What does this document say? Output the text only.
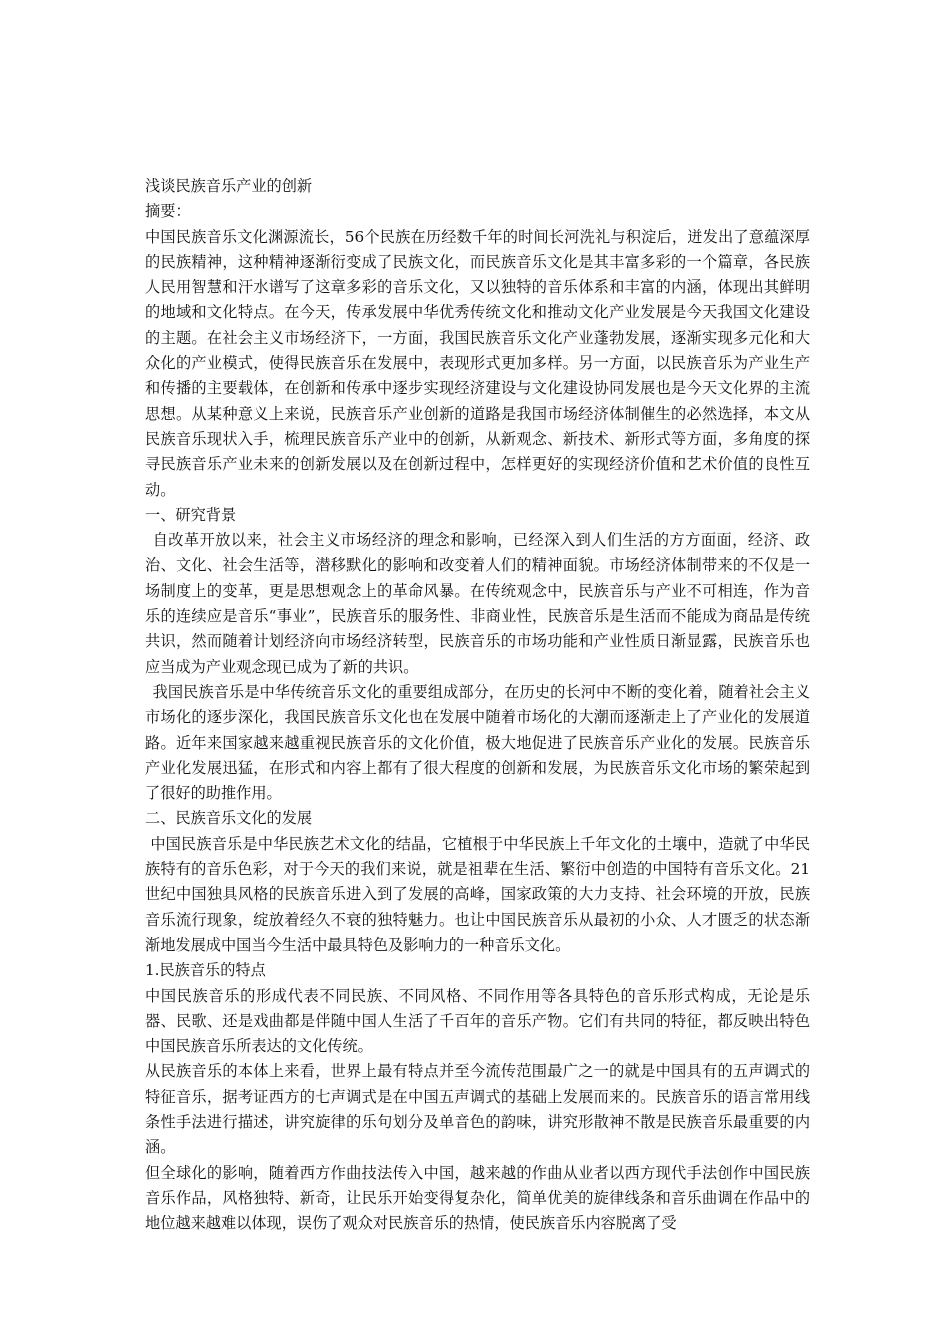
浅谈民族音乐产业的创新

摘要：

中国民族音乐文化渊源流长，56个民族在历经数千年的时间长河洗礼与积淀后，迸发出了意蕴深厚的民族精神，这种精神逐渐衍变成了民族文化，而民族音乐文化是其丰富多彩的一个篇章，各民族人民用智慧和汗水谱写了这章多彩的音乐文化，又以独特的音乐体系和丰富的内涵，体现出其鲜明的地域和文化特点。在今天，传承发展中华优秀传统文化和推动文化产业发展是今天我国文化建设的主题。在社会主义市场经济下，一方面，我国民族音乐文化产业蓬勃发展，逐渐实现多元化和大众化的产业模式，使得民族音乐在发展中，表现形式更加多样。另一方面，以民族音乐为产业生产和传播的主要载体，在创新和传承中逐步实现经济建设与文化建设协同发展也是今天文化界的主流思想。从某种意义上来说，民族音乐产业创新的道路是我国市场经济体制催生的必然选择，本文从民族音乐现状入手，梳理民族音乐产业中的创新，从新观念、新技术、新形式等方面，多角度的探寻民族音乐产业未来的创新发展以及在创新过程中，怎样更好的实现经济价值和艺术价值的良性互动。

一、研究背景

自改革开放以来，社会主义市场经济的理念和影响，已经深入到人们生活的方方面面，经济、政治、文化、社会生活等，潜移默化的影响和改变着人们的精神面貌。市场经济体制带来的不仅是一场制度上的变革，更是思想观念上的革命风暴。在传统观念中，民族音乐与产业不可相连，作为音乐的连续应是音乐“事业”，民族音乐的服务性、非商业性，民族音乐是生活而不能成为商品是传统共识，然而随着计划经济向市场经济转型，民族音乐的市场功能和产业性质日渐显露，民族音乐也应当成为产业观念现已成为了新的共识。

我国民族音乐是中华传统音乐文化的重要组成部分，在历史的长河中不断的变化着，随着社会主义市场化的逐步深化，我国民族音乐文化也在发展中随着市场化的大潮而逐渐走上了产业化的发展道路。近年来国家越来越重视民族音乐的文化价值，极大地促进了民族音乐产业化的发展。民族音乐产业化发展迅猛，在形式和内容上都有了很大程度的创新和发展，为民族音乐文化市场的繁荣起到了很好的助推作用。

二、民族音乐文化的发展

中国民族音乐是中华民族艺术文化的结晶，它植根于中华民族上千年文化的土壤中，造就了中华民族特有的音乐色彩，对于今天的我们来说，就是祖辈在生活、繁衍中创造的中国特有音乐文化。21世纪中国独具风格的民族音乐进入到了发展的高峰，国家政策的大力支持、社会环境的开放，民族音乐流行现象，绽放着经久不衰的独特魅力。也让中国民族音乐从最初的小众、人才匮乏的状态渐渐地发展成中国当今生活中最具特色及影响力的一种音乐文化。

1.民族音乐的特点

中国民族音乐的形成代表不同民族、不同风格、不同作用等各具特色的音乐形式构成，无论是乐器、民歌、还是戏曲都是伴随中国人生活了千百年的音乐产物。它们有共同的特征，都反映出特色中国民族音乐所表达的文化传统。

从民族音乐的本体上来看，世界上最有特点并至今流传范围最广之一的就是中国具有的五声调式的特征音乐，据考证西方的七声调式是在中国五声调式的基础上发展而来的。民族音乐的语言常用线条性手法进行描述，讲究旋律的乐句划分及单音色的韵味，讲究形散神不散是民族音乐最重要的内涵。

但全球化的影响，随着西方作曲技法传入中国，越来越的作曲从业者以西方现代手法创作中国民族音乐作品，风格独特、新奇，让民乐开始变得复杂化，简单优美的旋律线条和音乐曲调在作品中的地位越来越难以体现，误伤了观众对民族音乐的热情，使民族音乐内容脱离了受
